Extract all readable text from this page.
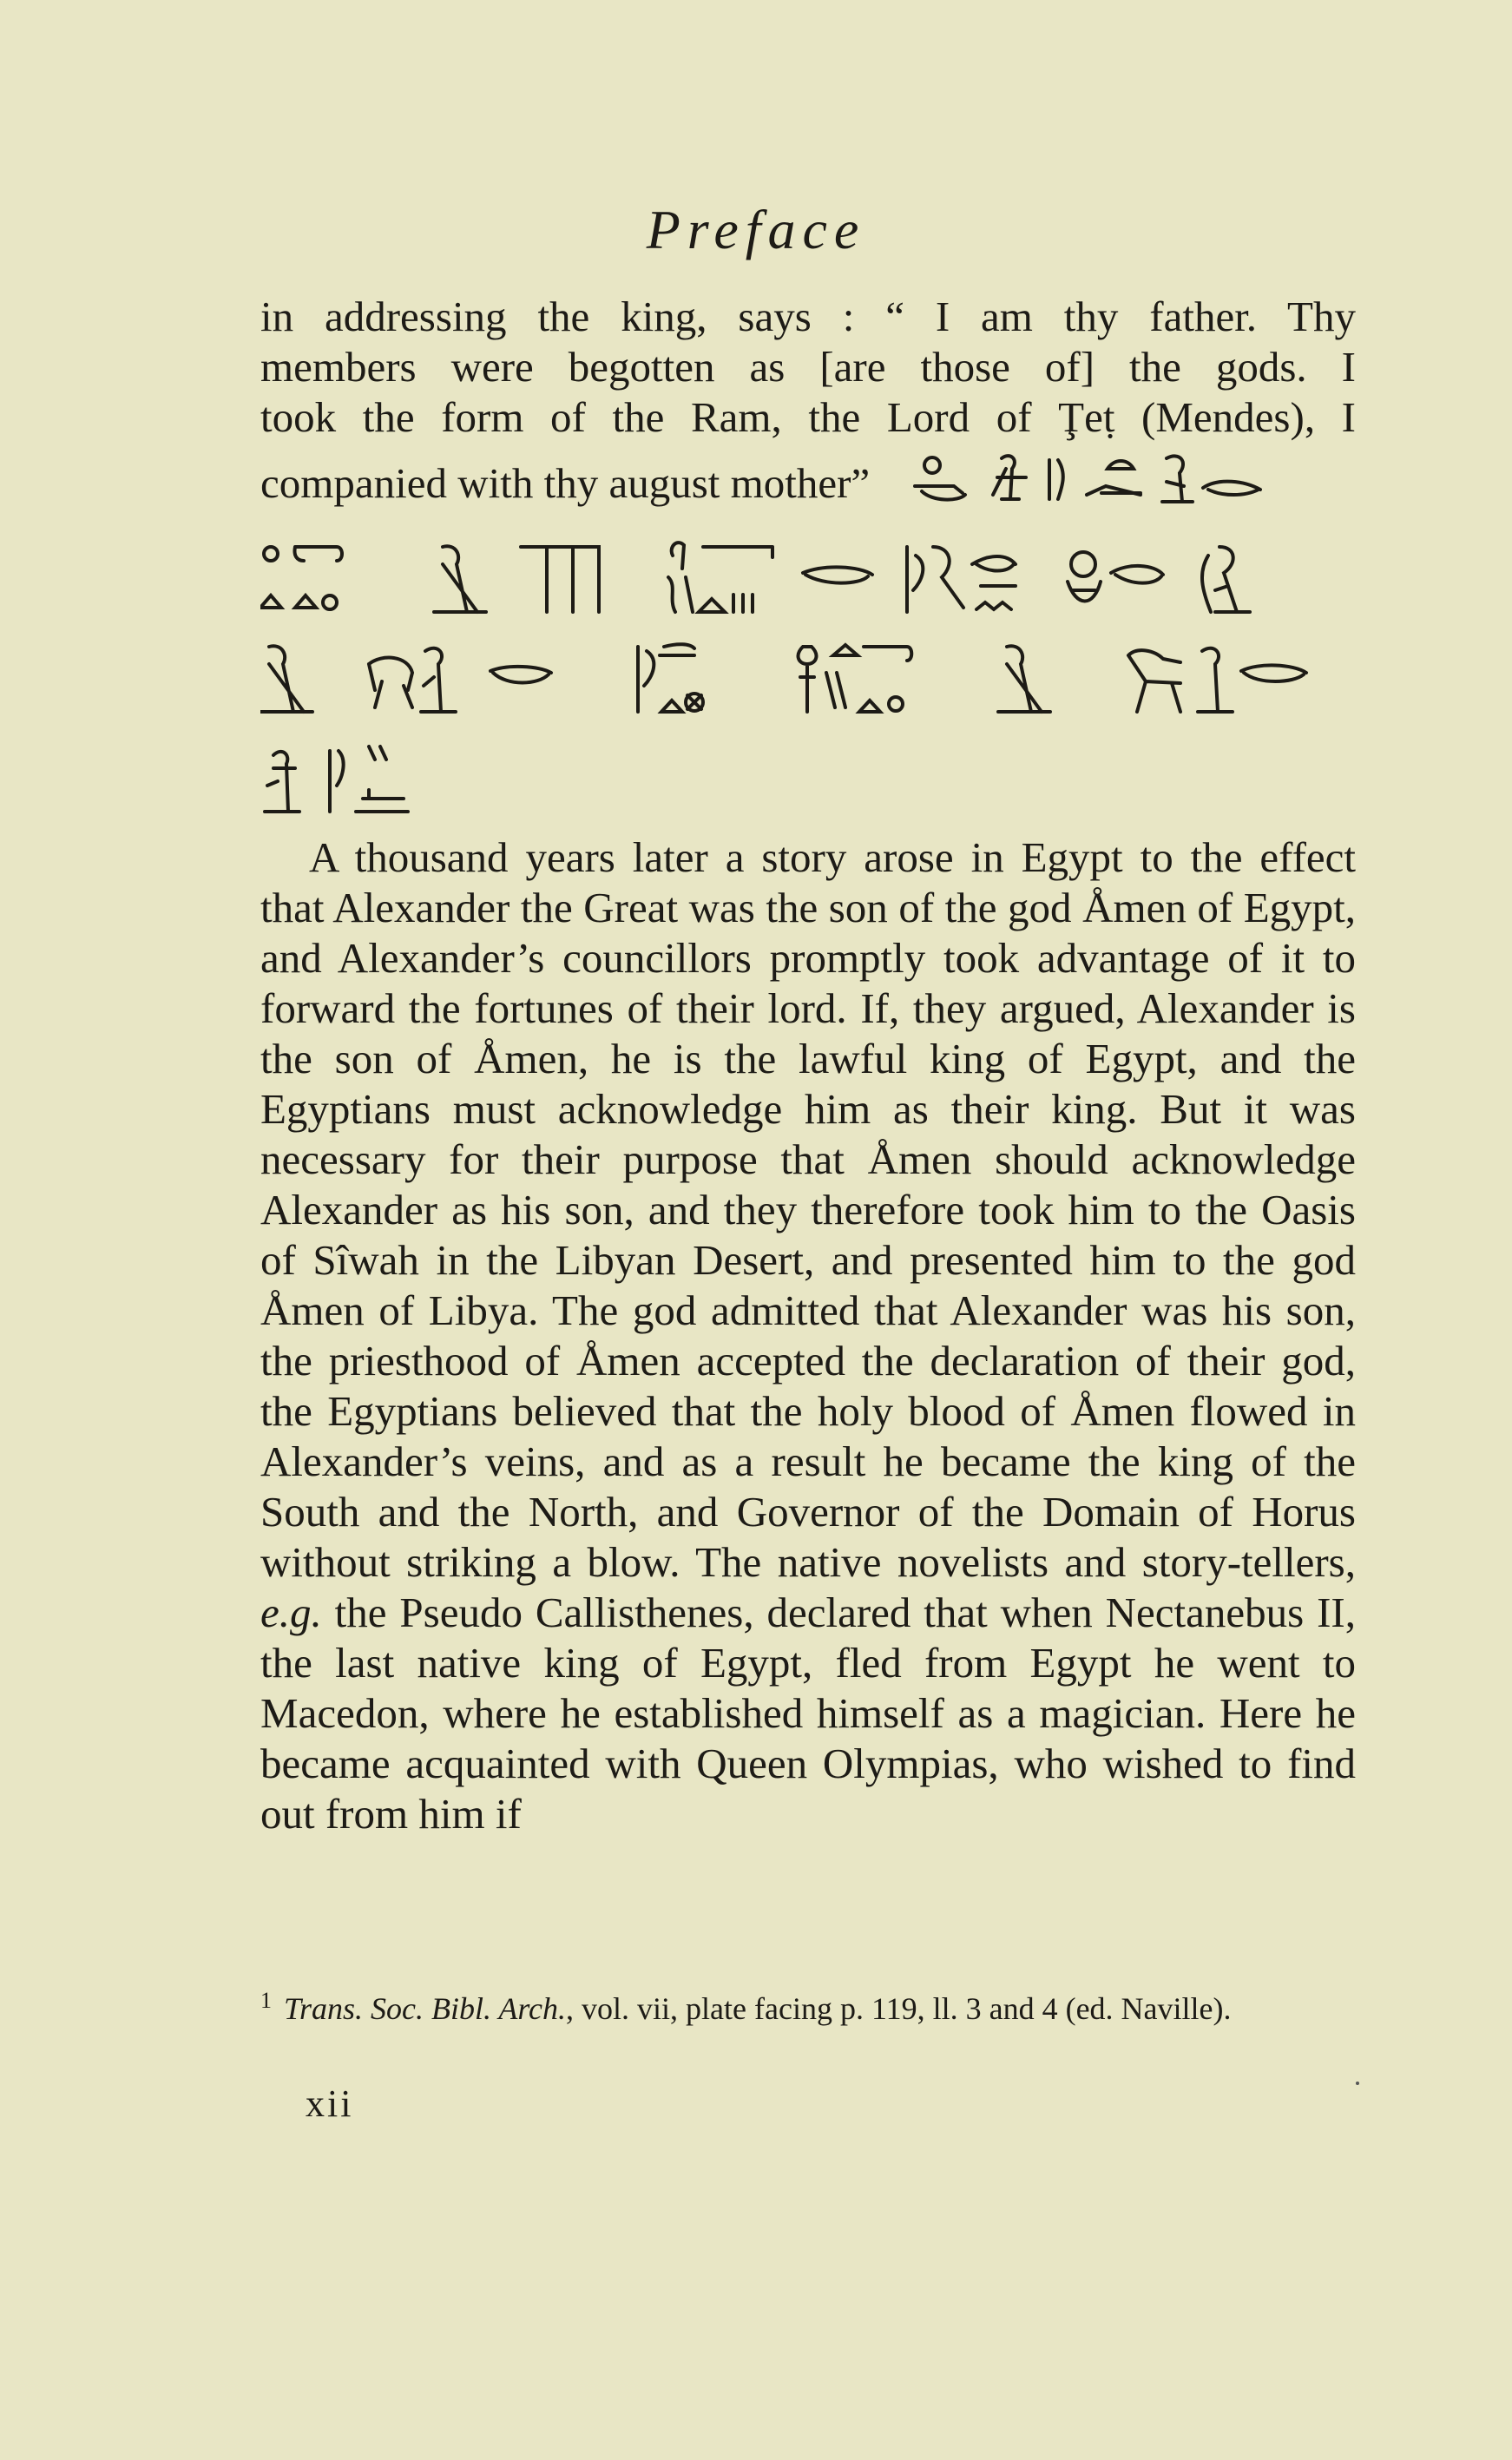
Preface
in addressing the king, says : “ I am thy father. Thy
members were begotten as [are those of] the gods. I
took the form of the Ram, the Lord of Ţeṭ (Mendes), I
companied with thy august mother”
A thousand years later a story arose in Egypt to the effect that Alexander the Great was the son of the god Åmen of Egypt, and Alexander’s councillors promptly took advantage of it to forward the fortunes of their lord. If, they argued, Alexander is the son of Åmen, he is the lawful king of Egypt, and the Egyptians must acknowledge him as their king. But it was necessary for their purpose that Åmen should acknowledge Alexander as his son, and they therefore took him to the Oasis of Sîwah in the Libyan Desert, and presented him to the god Åmen of Libya. The god admitted that Alexander was his son, the priesthood of Åmen accepted the declaration of their god, the Egyptians believed that the holy blood of Åmen flowed in Alexander’s veins, and as a result he became the king of the South and the North, and Governor of the Domain of Horus without striking a blow. The native novelists and story-tellers, e.g. the Pseudo Callisthenes, declared that when Nectanebus II, the last native king of Egypt, fled from Egypt he went to Macedon, where he established himself as a magician. Here he became acquainted with Queen Olympias, who wished to find out from him if
$^1$ Trans. Soc. Bibl. Arch., vol. vii, plate facing p. 119, ll. 3 and 4 (ed. Naville).
xii
